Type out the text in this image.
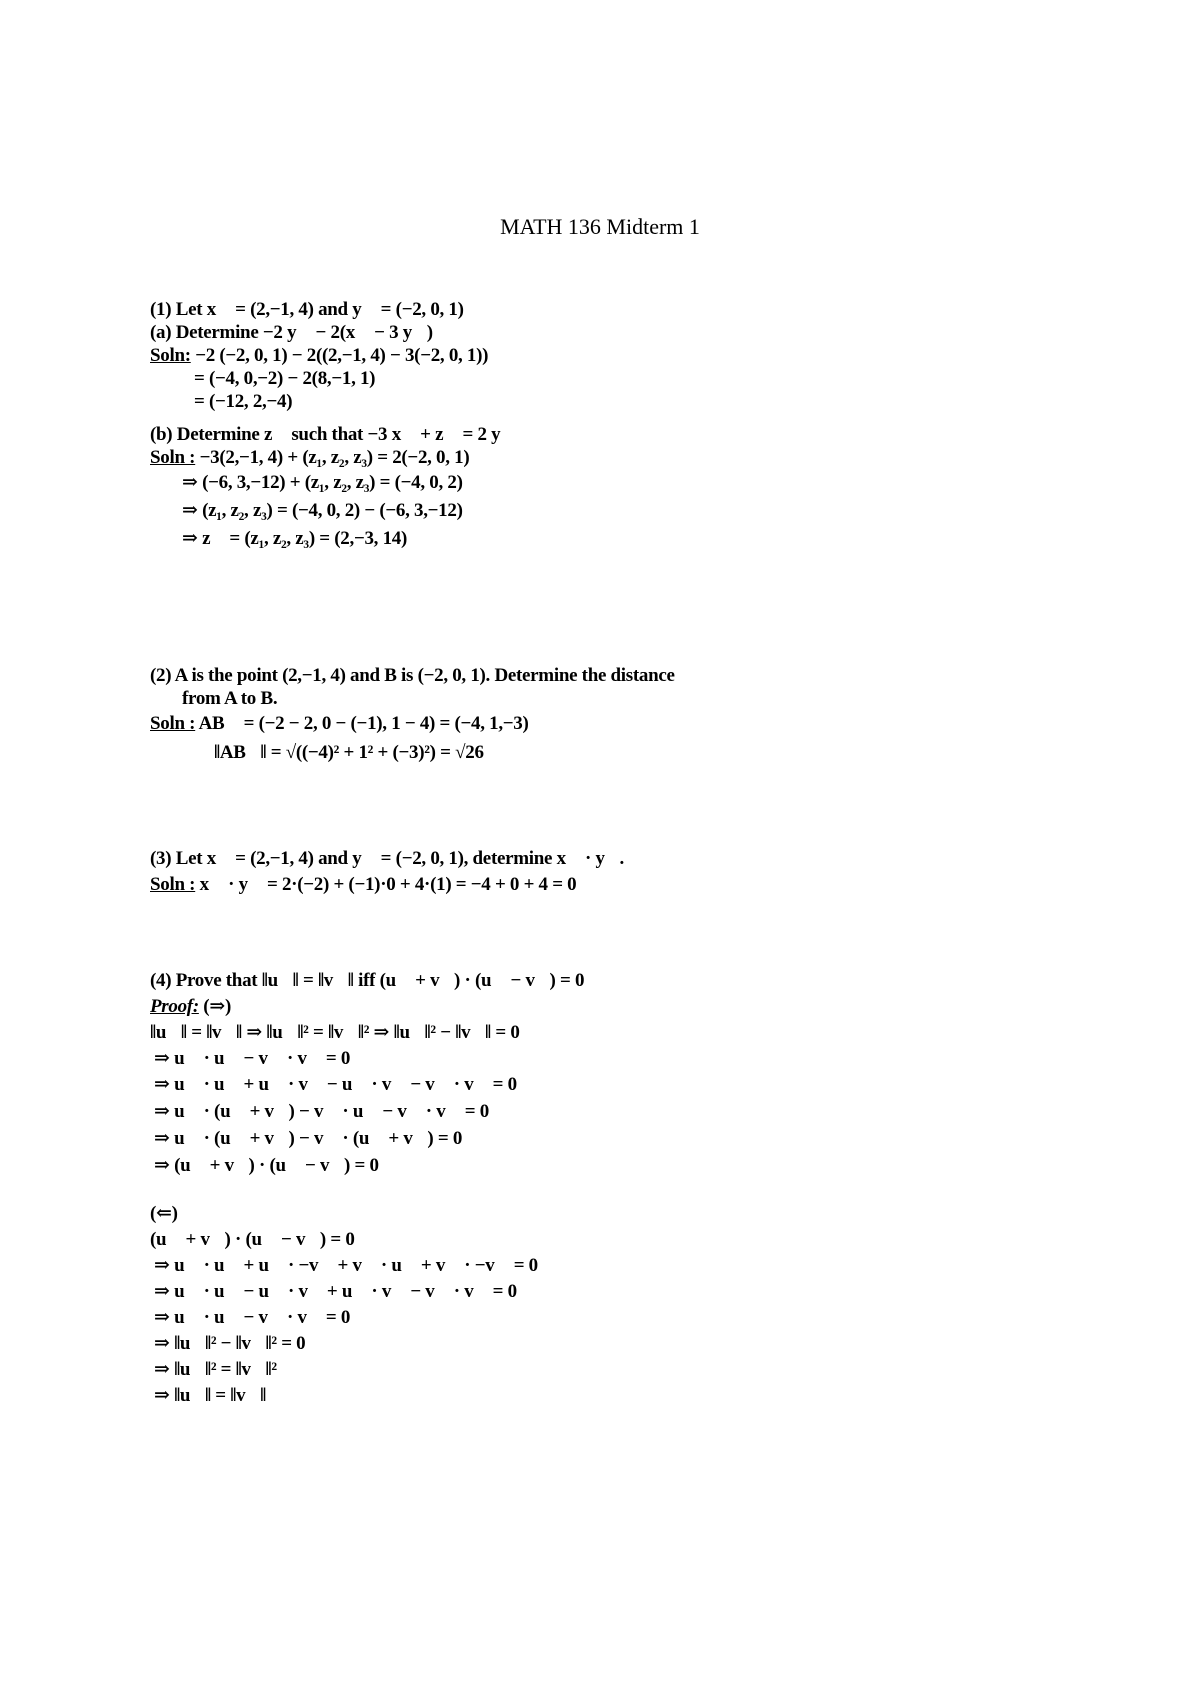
MATH 136 Midterm 1
(1) Let x⃗ = (2,−1, 4) and y⃗ = (−2, 0, 1)
(a) Determine −2 y⃗ − 2(x⃗ − 3 y⃗)
Soln: −2 (−2, 0, 1) − 2((2,−1, 4) − 3(−2, 0, 1))
= (−4, 0,−2) − 2(8,−1, 1)
= (−12, 2,−4)
(b) Determine z⃗ such that −3 x⃗ + z⃗ = 2 y⃗
Soln : −3(2,−1, 4) + (z₁, z₂, z₃) = 2(−2, 0, 1)
⇒ (−6, 3,−12) + (z₁, z₂, z₃) = (−4, 0, 2)
⇒ (z₁, z₂, z₃) = (−4, 0, 2) − (−6, 3,−12)
⇒ z⃗ = (z₁, z₂, z₃) = (2,−3, 14)
(2) A is the point (2,−1, 4) and B is (−2, 0, 1). Determine the distance
from A to B.
Soln : AB⃗ = (−2 − 2, 0 − (−1), 1 − 4) = (−4, 1,−3)
‖AB⃗‖ = √((−4)² + 1² + (−3)²) = √26
(3) Let x⃗ = (2,−1, 4) and y⃗ = (−2, 0, 1), determine x⃗ · y⃗.
Soln : x⃗ · y⃗ = 2·(−2) + (−1)·0 + 4·(1) = −4 + 0 + 4 = 0
(4) Prove that ‖u⃗‖ = ‖v⃗‖ iff (u⃗ + v⃗) · (u⃗ − v⃗) = 0
Proof: (⇒)
‖u⃗‖ = ‖v⃗‖ ⇒ ‖u⃗‖² = ‖v⃗‖² ⇒ ‖u⃗‖² − ‖v⃗‖ = 0
⇒ u⃗ · u⃗ − v⃗ · v⃗ = 0
⇒ u⃗ · u⃗ + u⃗ · v⃗ − u⃗ · v⃗ − v⃗ · v⃗ = 0
⇒ u⃗ · (u⃗ + v⃗) − v⃗ · u⃗ − v⃗ · v⃗ = 0
⇒ u⃗ · (u⃗ + v⃗) − v⃗ · (u⃗ + v⃗) = 0
⇒ (u⃗ + v⃗) · (u⃗ − v⃗) = 0
(⇐)
(u⃗ + v⃗) · (u⃗ − v⃗) = 0
⇒ u⃗ · u⃗ + u⃗ · −v⃗ + v⃗ · u⃗ + v⃗ · −v⃗ = 0
⇒ u⃗ · u⃗ − u⃗ · v⃗ + u⃗ · v⃗ − v⃗ · v⃗ = 0
⇒ u⃗ · u⃗ − v⃗ · v⃗ = 0
⇒ ‖u⃗‖² − ‖v⃗‖² = 0
⇒ ‖u⃗‖² = ‖v⃗‖²
⇒ ‖u⃗‖ = ‖v⃗‖
